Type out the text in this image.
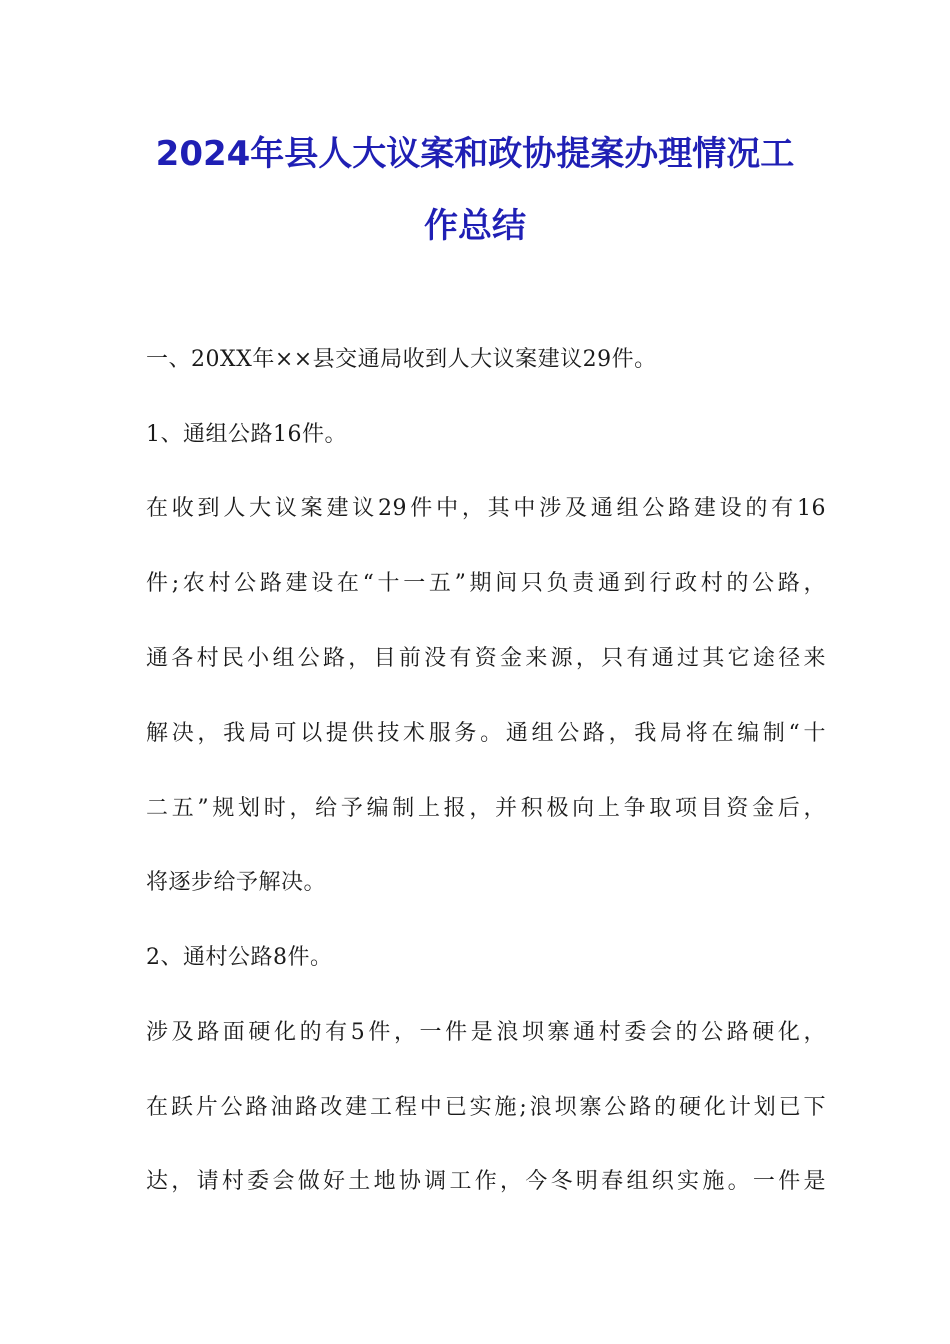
2024年县人大议案和政协提案办理情况工
作总结
一、20XX年××县交通局收到人大议案建议29件。
1、通组公路16件。
在收到人大议案建议29件中，其中涉及通组公路建设的有16
件;农村公路建设在“十一五”期间只负责通到行政村的公路，
通各村民小组公路，目前没有资金来源，只有通过其它途径来
解决，我局可以提供技术服务。通组公路，我局将在编制“十
二五”规划时，给予编制上报，并积极向上争取项目资金后，
将逐步给予解决。
2、通村公路8件。
涉及路面硬化的有5件，一件是浪坝寨通村委会的公路硬化，
在跃片公路油路改建工程中已实施;浪坝寨公路的硬化计划已下
达，请村委会做好土地协调工作，今冬明春组织实施。一件是
